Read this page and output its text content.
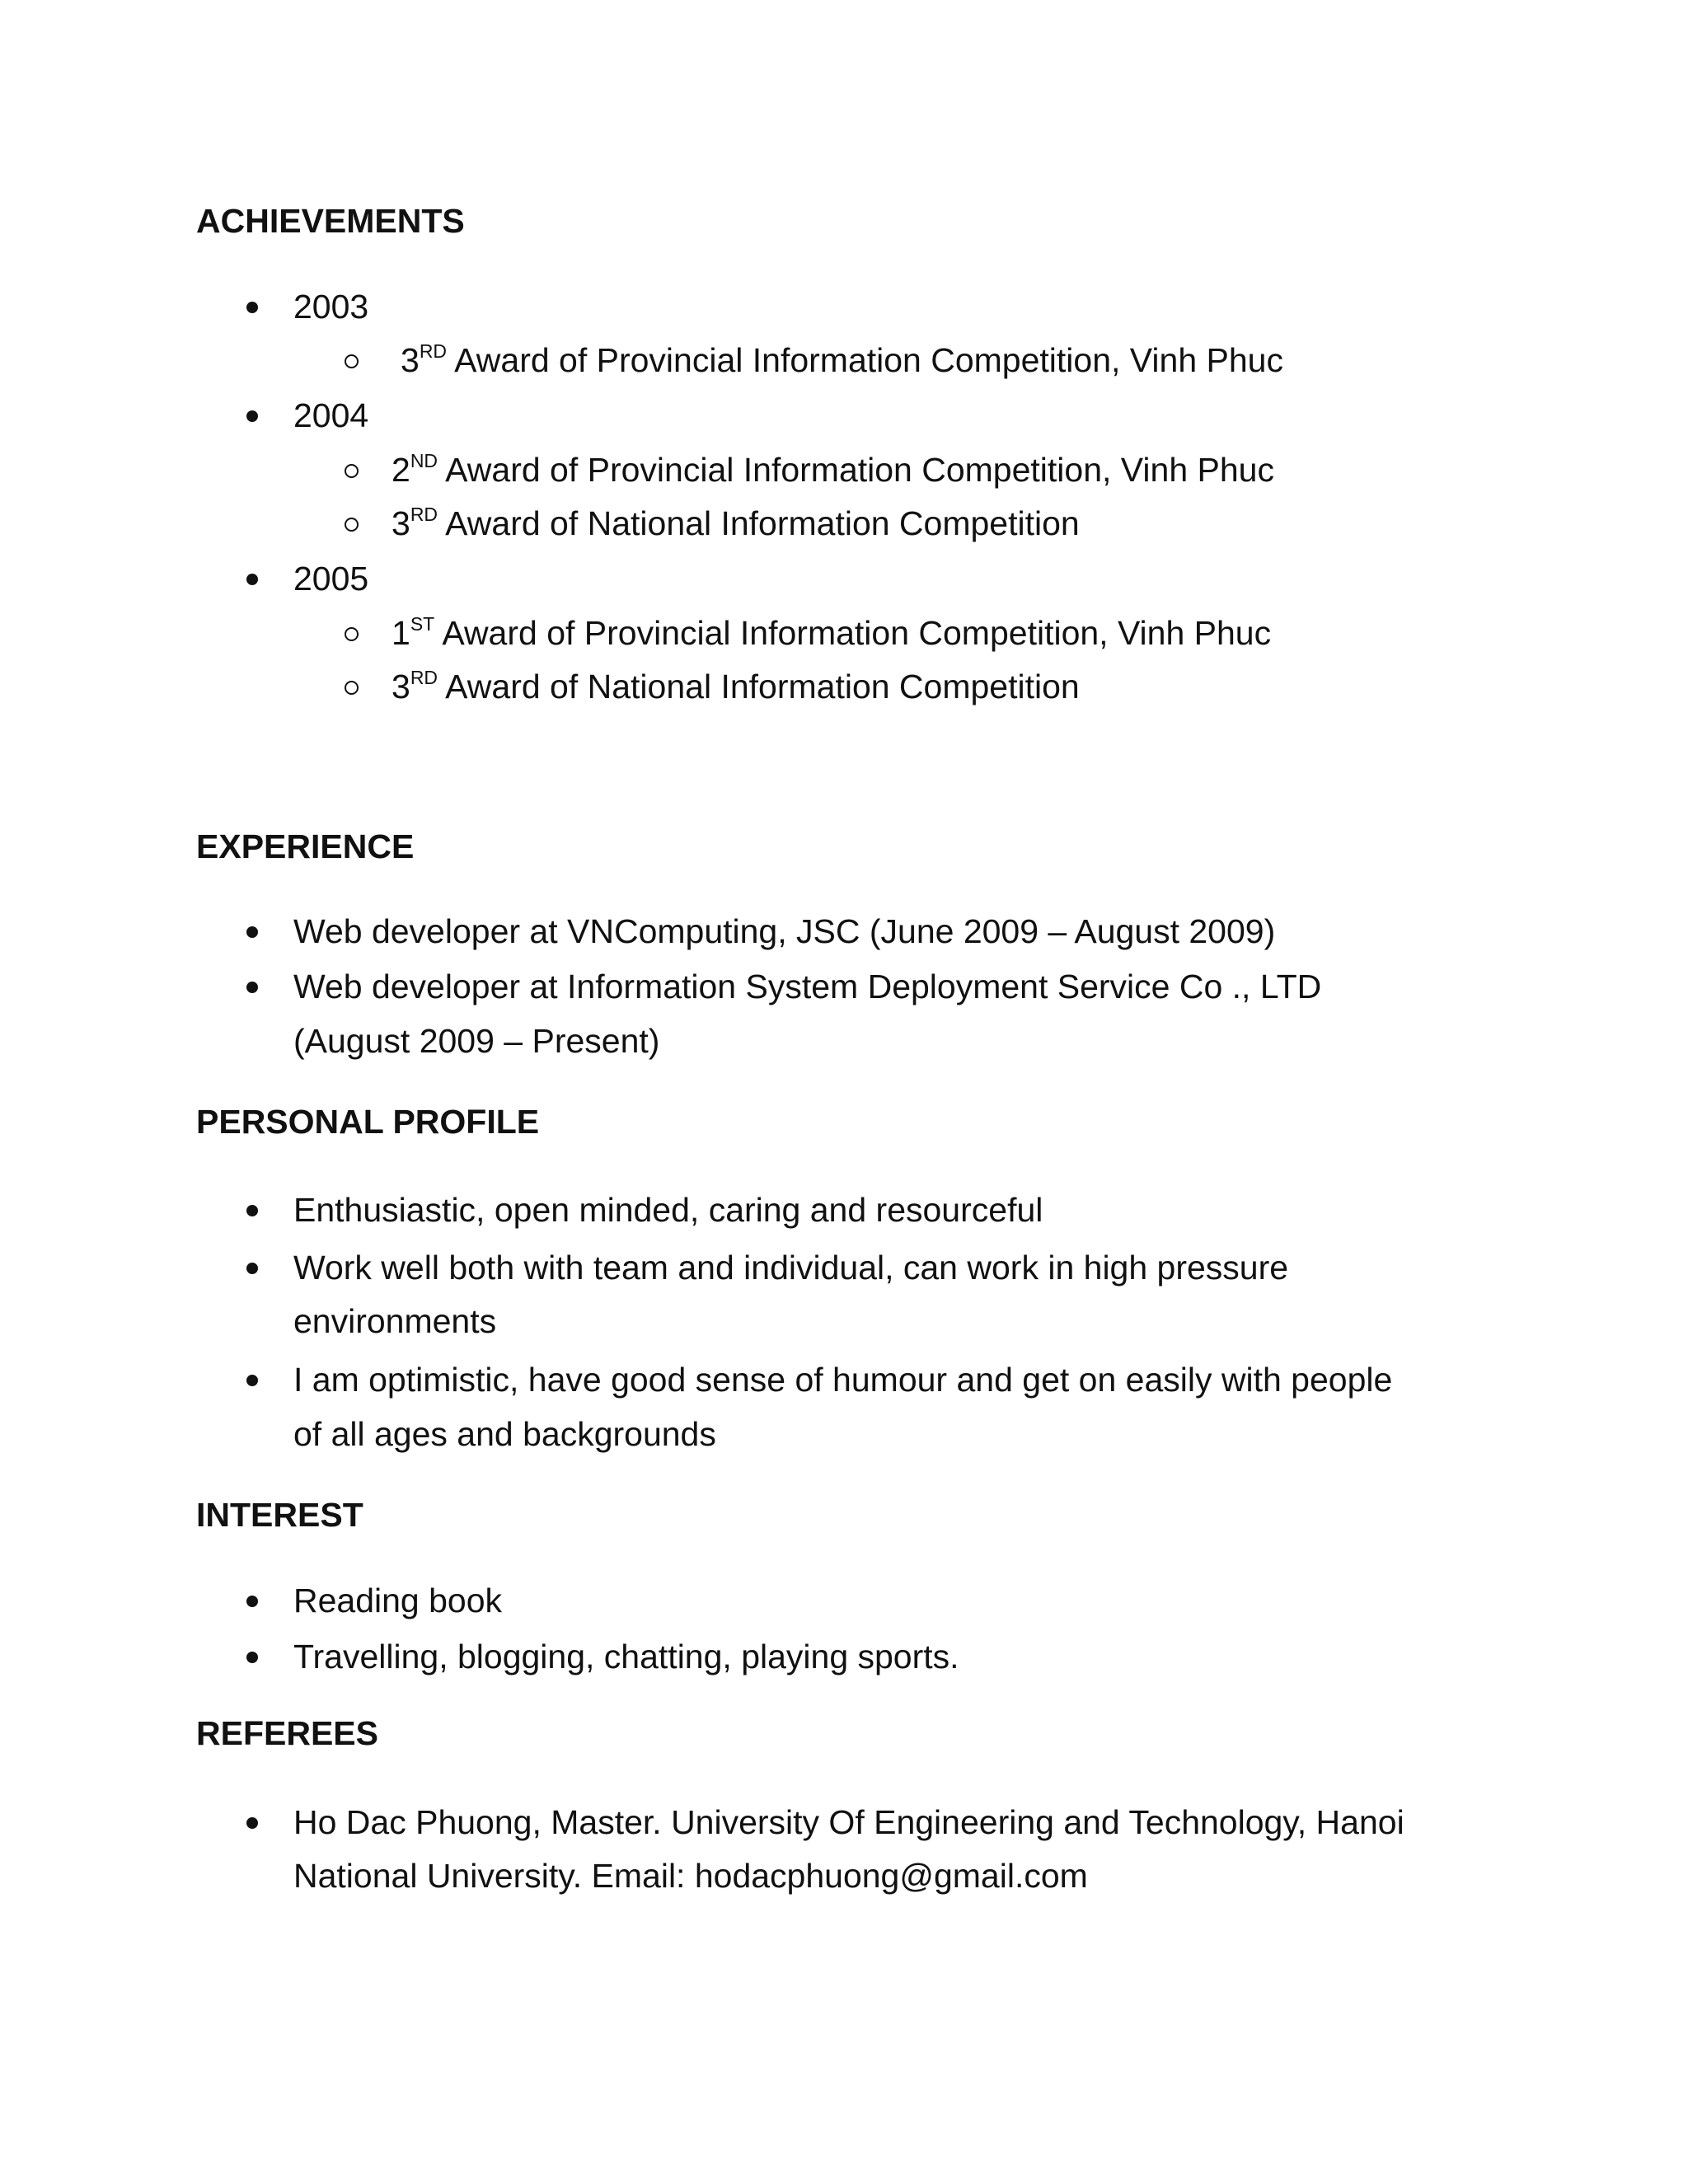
ACHIEVEMENTS

2003

3RD Award of Provincial Information Competition, Vinh Phuc

2004

2ND Award of Provincial Information Competition, Vinh Phuc

3RD Award of National Information Competition

2005

1ST Award of Provincial Information Competition, Vinh Phuc

3RD Award of National Information Competition

EXPERIENCE

Web developer at VNComputing, JSC (June 2009 – August 2009)

Web developer at Information System Deployment Service Co ., LTD

(August 2009 – Present)

PERSONAL PROFILE

Enthusiastic, open minded, caring and resourceful

Work well both with team and individual, can work in high pressure

environments

I am optimistic, have good sense of humour and get on easily with people

of all ages and backgrounds

INTEREST

Reading book

Travelling, blogging, chatting, playing sports.

REFEREES

Ho Dac Phuong, Master. University Of Engineering and Technology, Hanoi

National University. Email: hodacphuong@gmail.com
